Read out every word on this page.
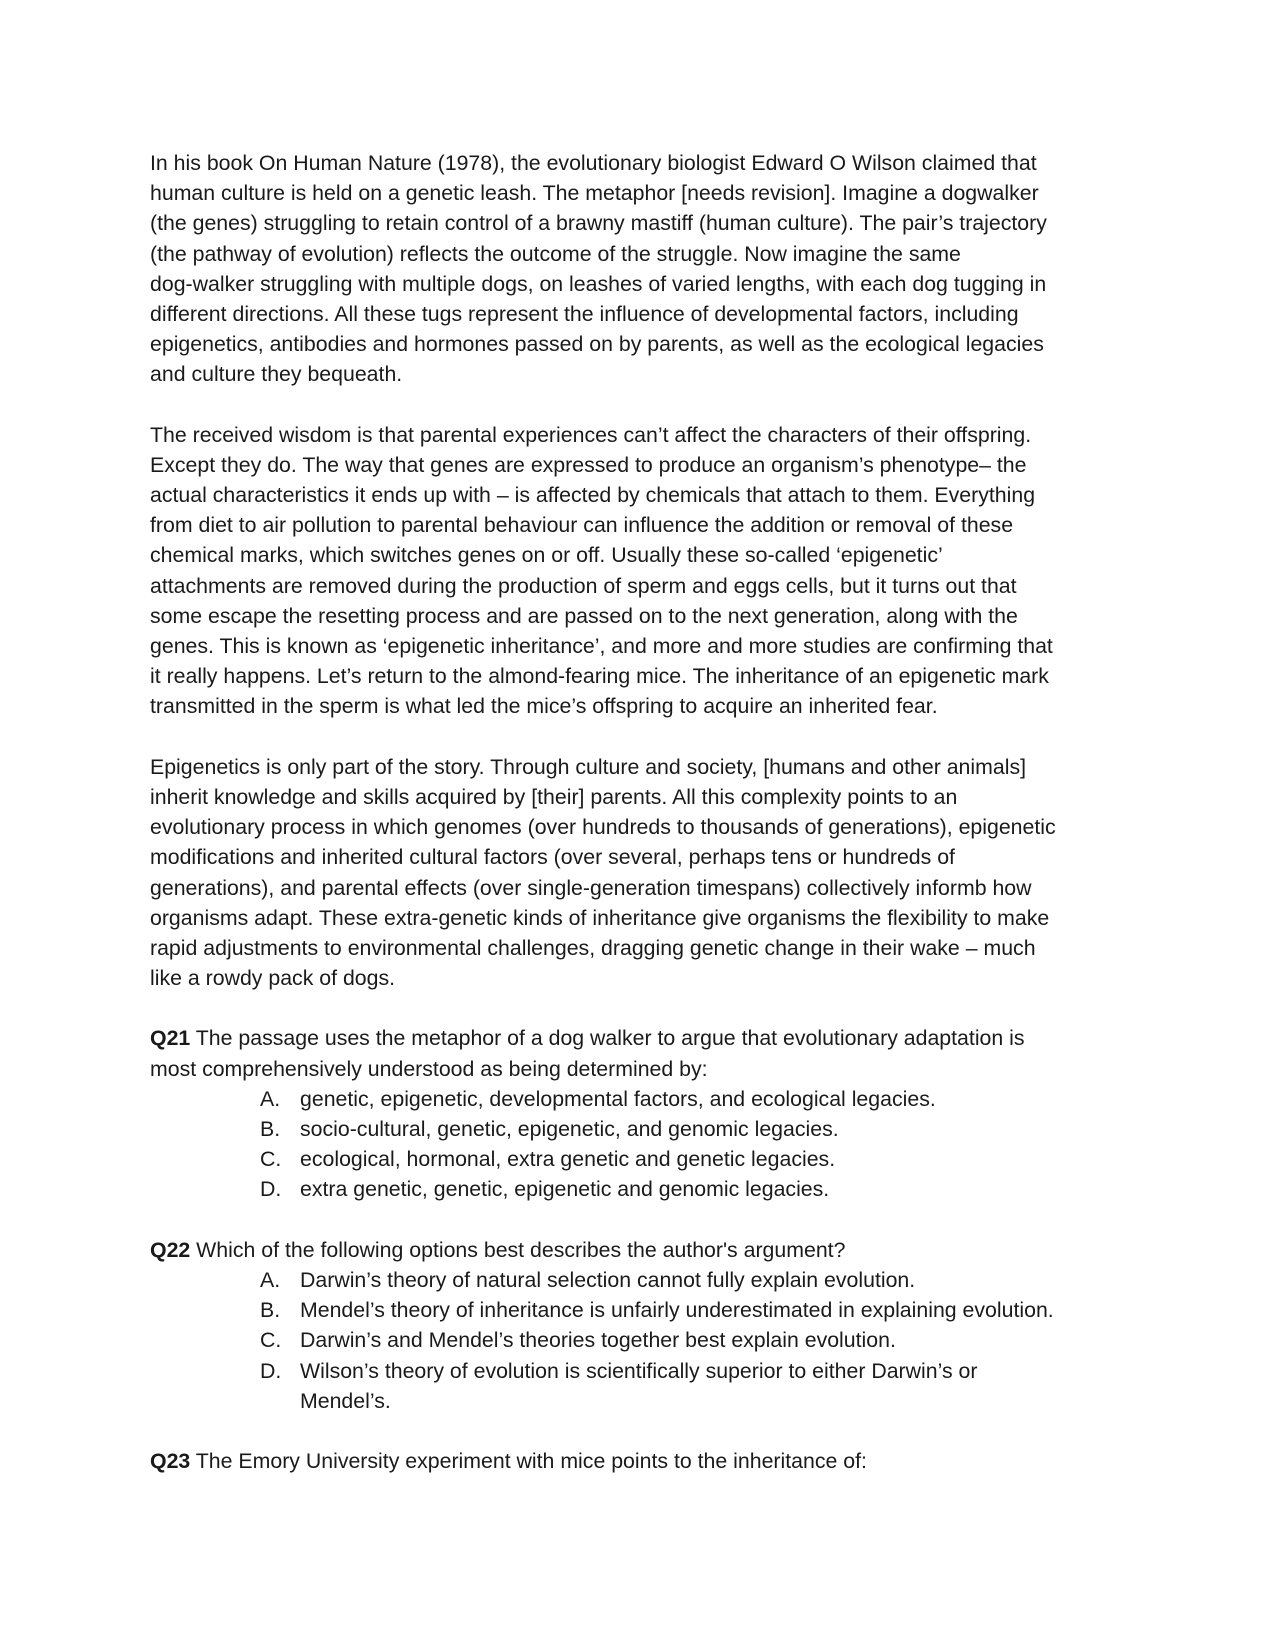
In his book On Human Nature (1978), the evolutionary biologist Edward O Wilson claimed that
human culture is held on a genetic leash. The metaphor [needs revision]. Imagine a dogwalker
(the genes) struggling to retain control of a brawny mastiff (human culture). The pair’s trajectory
(the pathway of evolution) reflects the outcome of the struggle. Now imagine the same
dog-walker struggling with multiple dogs, on leashes of varied lengths, with each dog tugging in
different directions. All these tugs represent the influence of developmental factors, including
epigenetics, antibodies and hormones passed on by parents, as well as the ecological legacies
and culture they bequeath.
The received wisdom is that parental experiences can’t affect the characters of their offspring.
Except they do. The way that genes are expressed to produce an organism’s phenotype– the
actual characteristics it ends up with – is affected by chemicals that attach to them. Everything
from diet to air pollution to parental behaviour can influence the addition or removal of these
chemical marks, which switches genes on or off. Usually these so-called ‘epigenetic’
attachments are removed during the production of sperm and eggs cells, but it turns out that
some escape the resetting process and are passed on to the next generation, along with the
genes. This is known as ‘epigenetic inheritance’, and more and more studies are confirming that
it really happens. Let’s return to the almond-fearing mice. The inheritance of an epigenetic mark
transmitted in the sperm is what led the mice’s offspring to acquire an inherited fear.
Epigenetics is only part of the story. Through culture and society, [humans and other animals]
inherit knowledge and skills acquired by [their] parents. All this complexity points to an
evolutionary process in which genomes (over hundreds to thousands of generations), epigenetic
modifications and inherited cultural factors (over several, perhaps tens or hundreds of
generations), and parental effects (over single-generation timespans) collectively informb how
organisms adapt. These extra-genetic kinds of inheritance give organisms the flexibility to make
rapid adjustments to environmental challenges, dragging genetic change in their wake – much
like a rowdy pack of dogs.
Q21 The passage uses the metaphor of a dog walker to argue that evolutionary adaptation is
most comprehensively understood as being determined by:
A. genetic, epigenetic, developmental factors, and ecological legacies.
B. socio-cultural, genetic, epigenetic, and genomic legacies.
C. ecological, hormonal, extra genetic and genetic legacies.
D. extra genetic, genetic, epigenetic and genomic legacies.
Q22 Which of the following options best describes the author's argument?
A. Darwin’s theory of natural selection cannot fully explain evolution.
B. Mendel’s theory of inheritance is unfairly underestimated in explaining evolution.
C. Darwin’s and Mendel’s theories together best explain evolution.
D. Wilson’s theory of evolution is scientifically superior to either Darwin’s or
Mendel’s.
Q23 The Emory University experiment with mice points to the inheritance of:
